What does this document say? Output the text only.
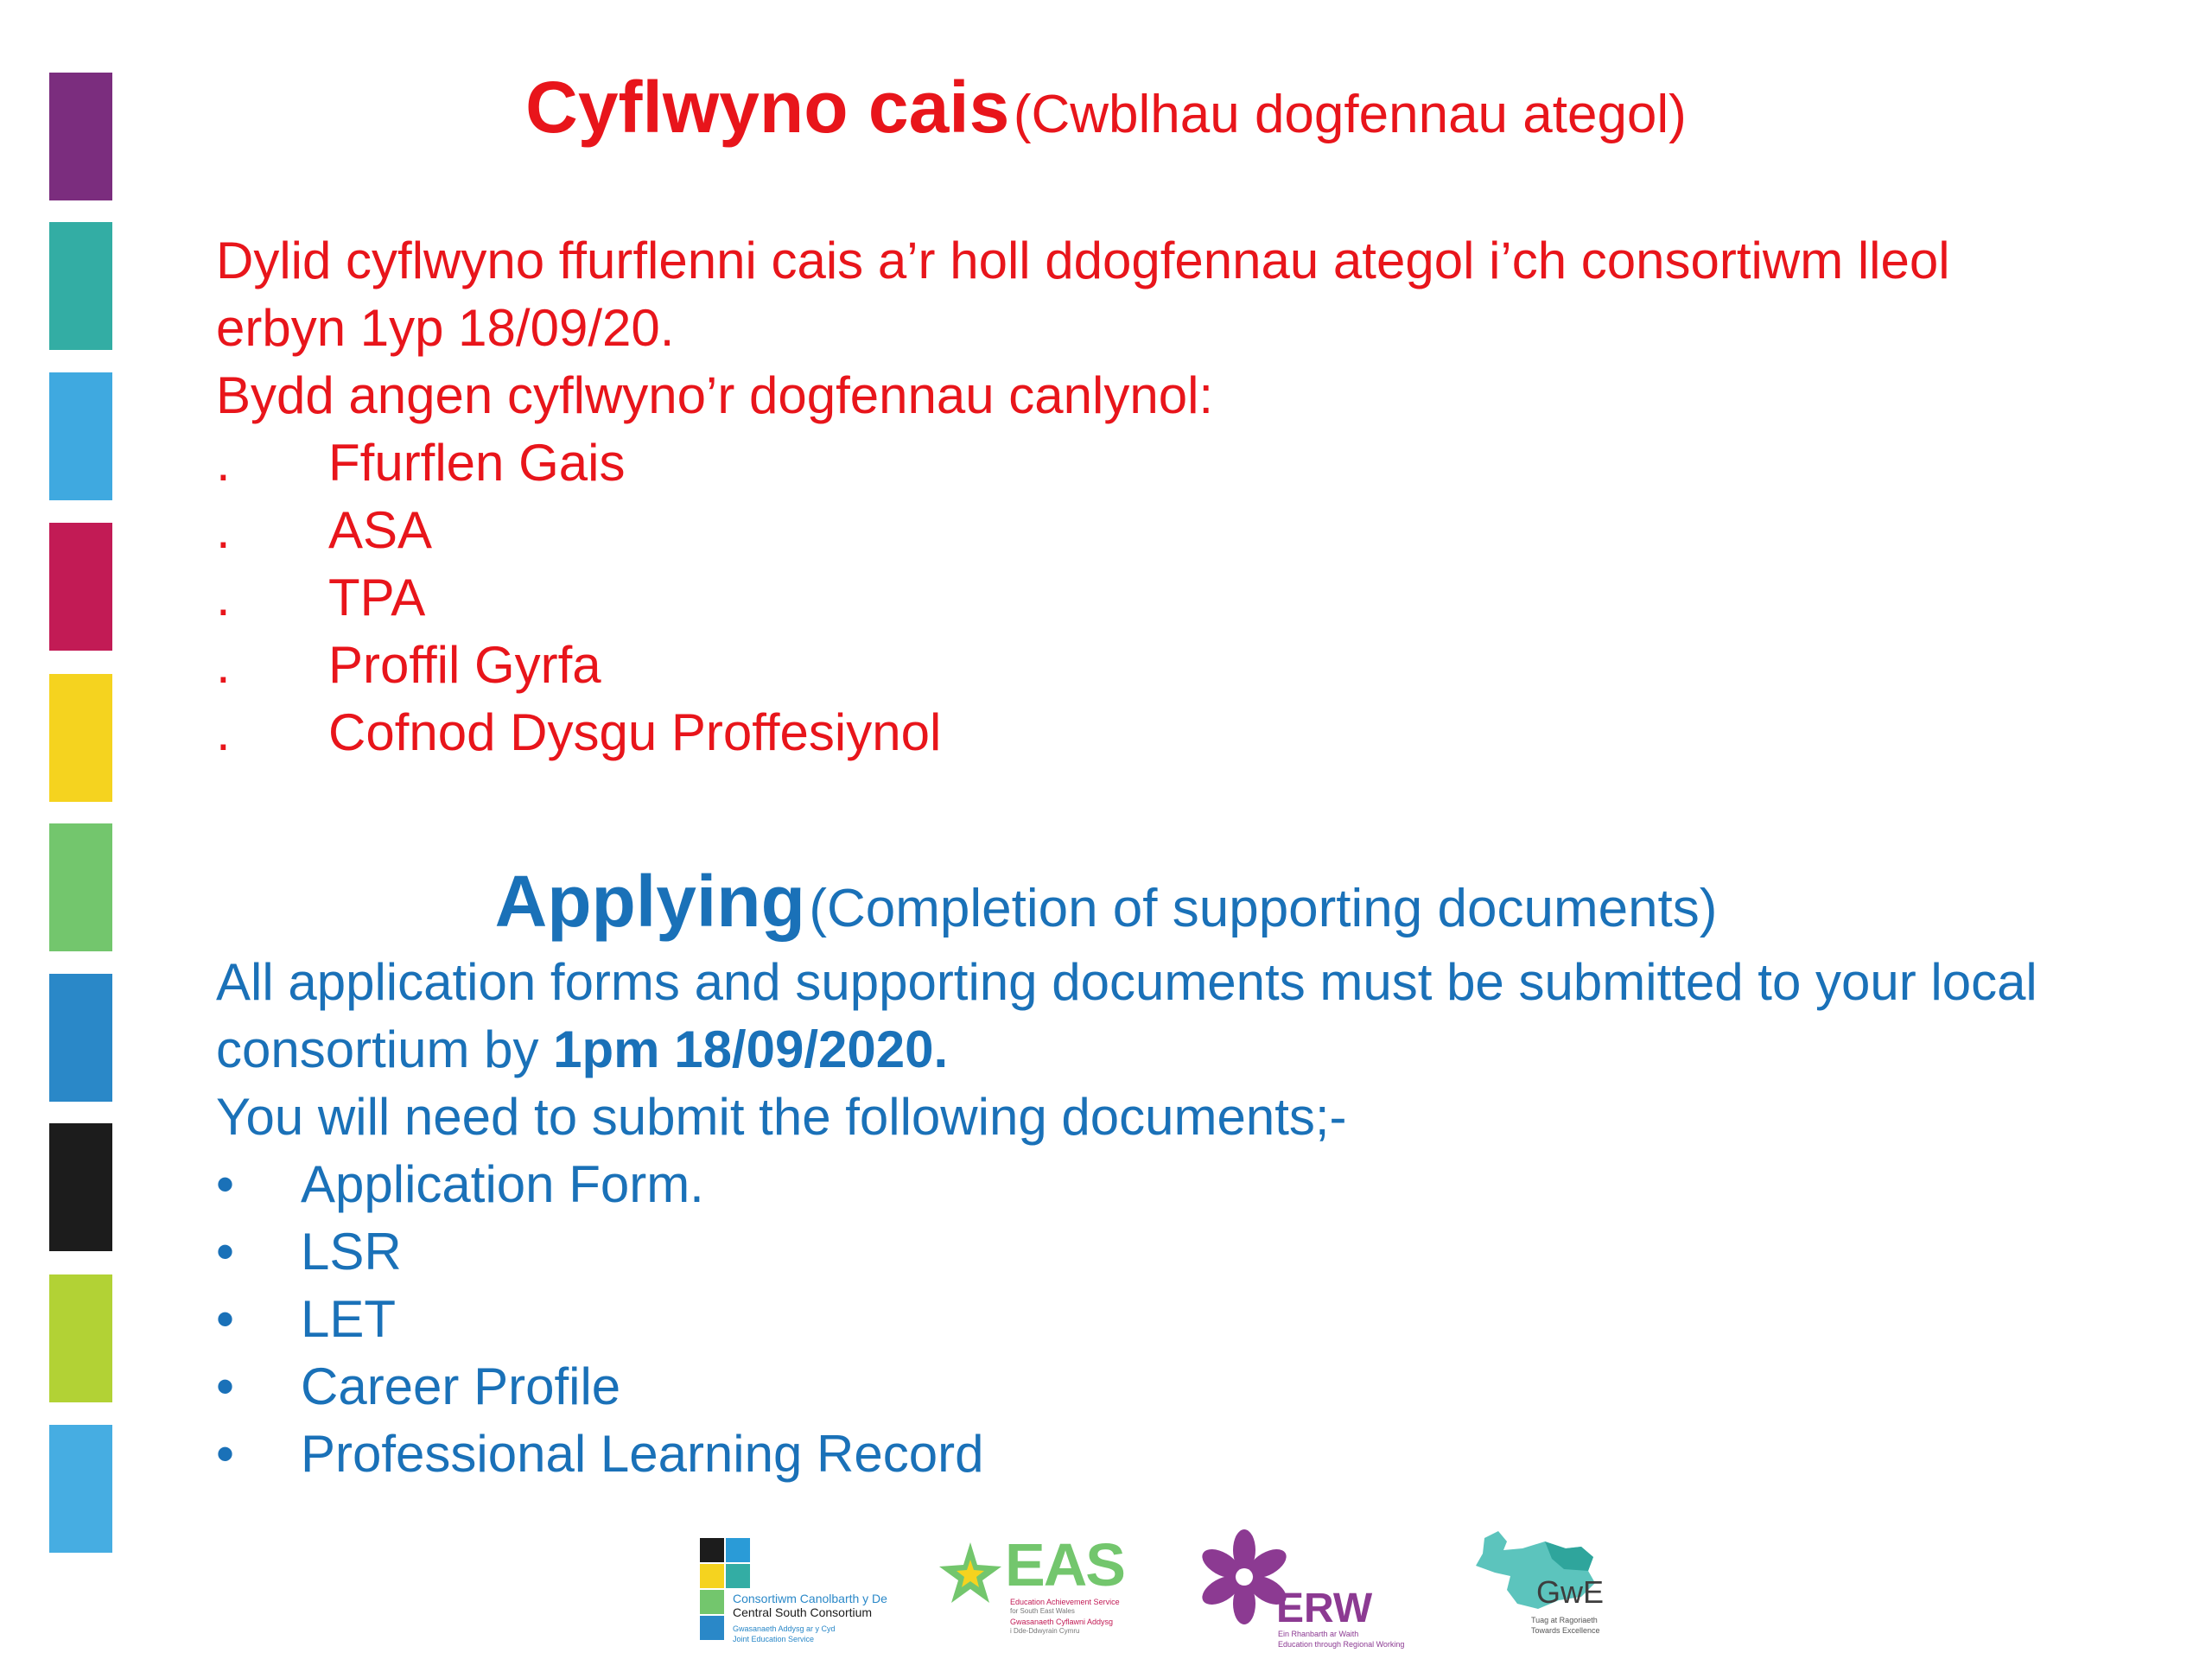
Cyflwyno cais (Cwblhau dogfennau ategol)
Dylid cyflwyno ffurflenni cais a’r holl ddogfennau ategol i’ch consortiwm lleol
erbyn 1yp 18/09/20.
Bydd angen cyflwyno’r dogfennau canlynol:
. Ffurflen Gais
. ASA
. TPA
. Proffil Gyrfa
. Cofnod Dysgu Proffesiynol
Applying (Completion of supporting documents)
All application forms and supporting documents must be submitted to your local
consortium by 1pm 18/09/2020.
You will need to submit the following documents;-
• Application Form.
• LSR
• LET
• Career Profile
• Professional Learning Record
Consortiwm Canolbarth y De
Central South Consortium
Gwasanaeth Addysg ar y Cyd
Joint Education Service
EAS
Education Achievement Service
for South East Wales
Gwasanaeth Cyflawni Addysg
i Dde-Ddwyrain Cymru	ERW
Ein Rhanbarth ar Waith
Education through Regional Working
GwE
Tuag at Ragoriaeth
Towards Excellence
